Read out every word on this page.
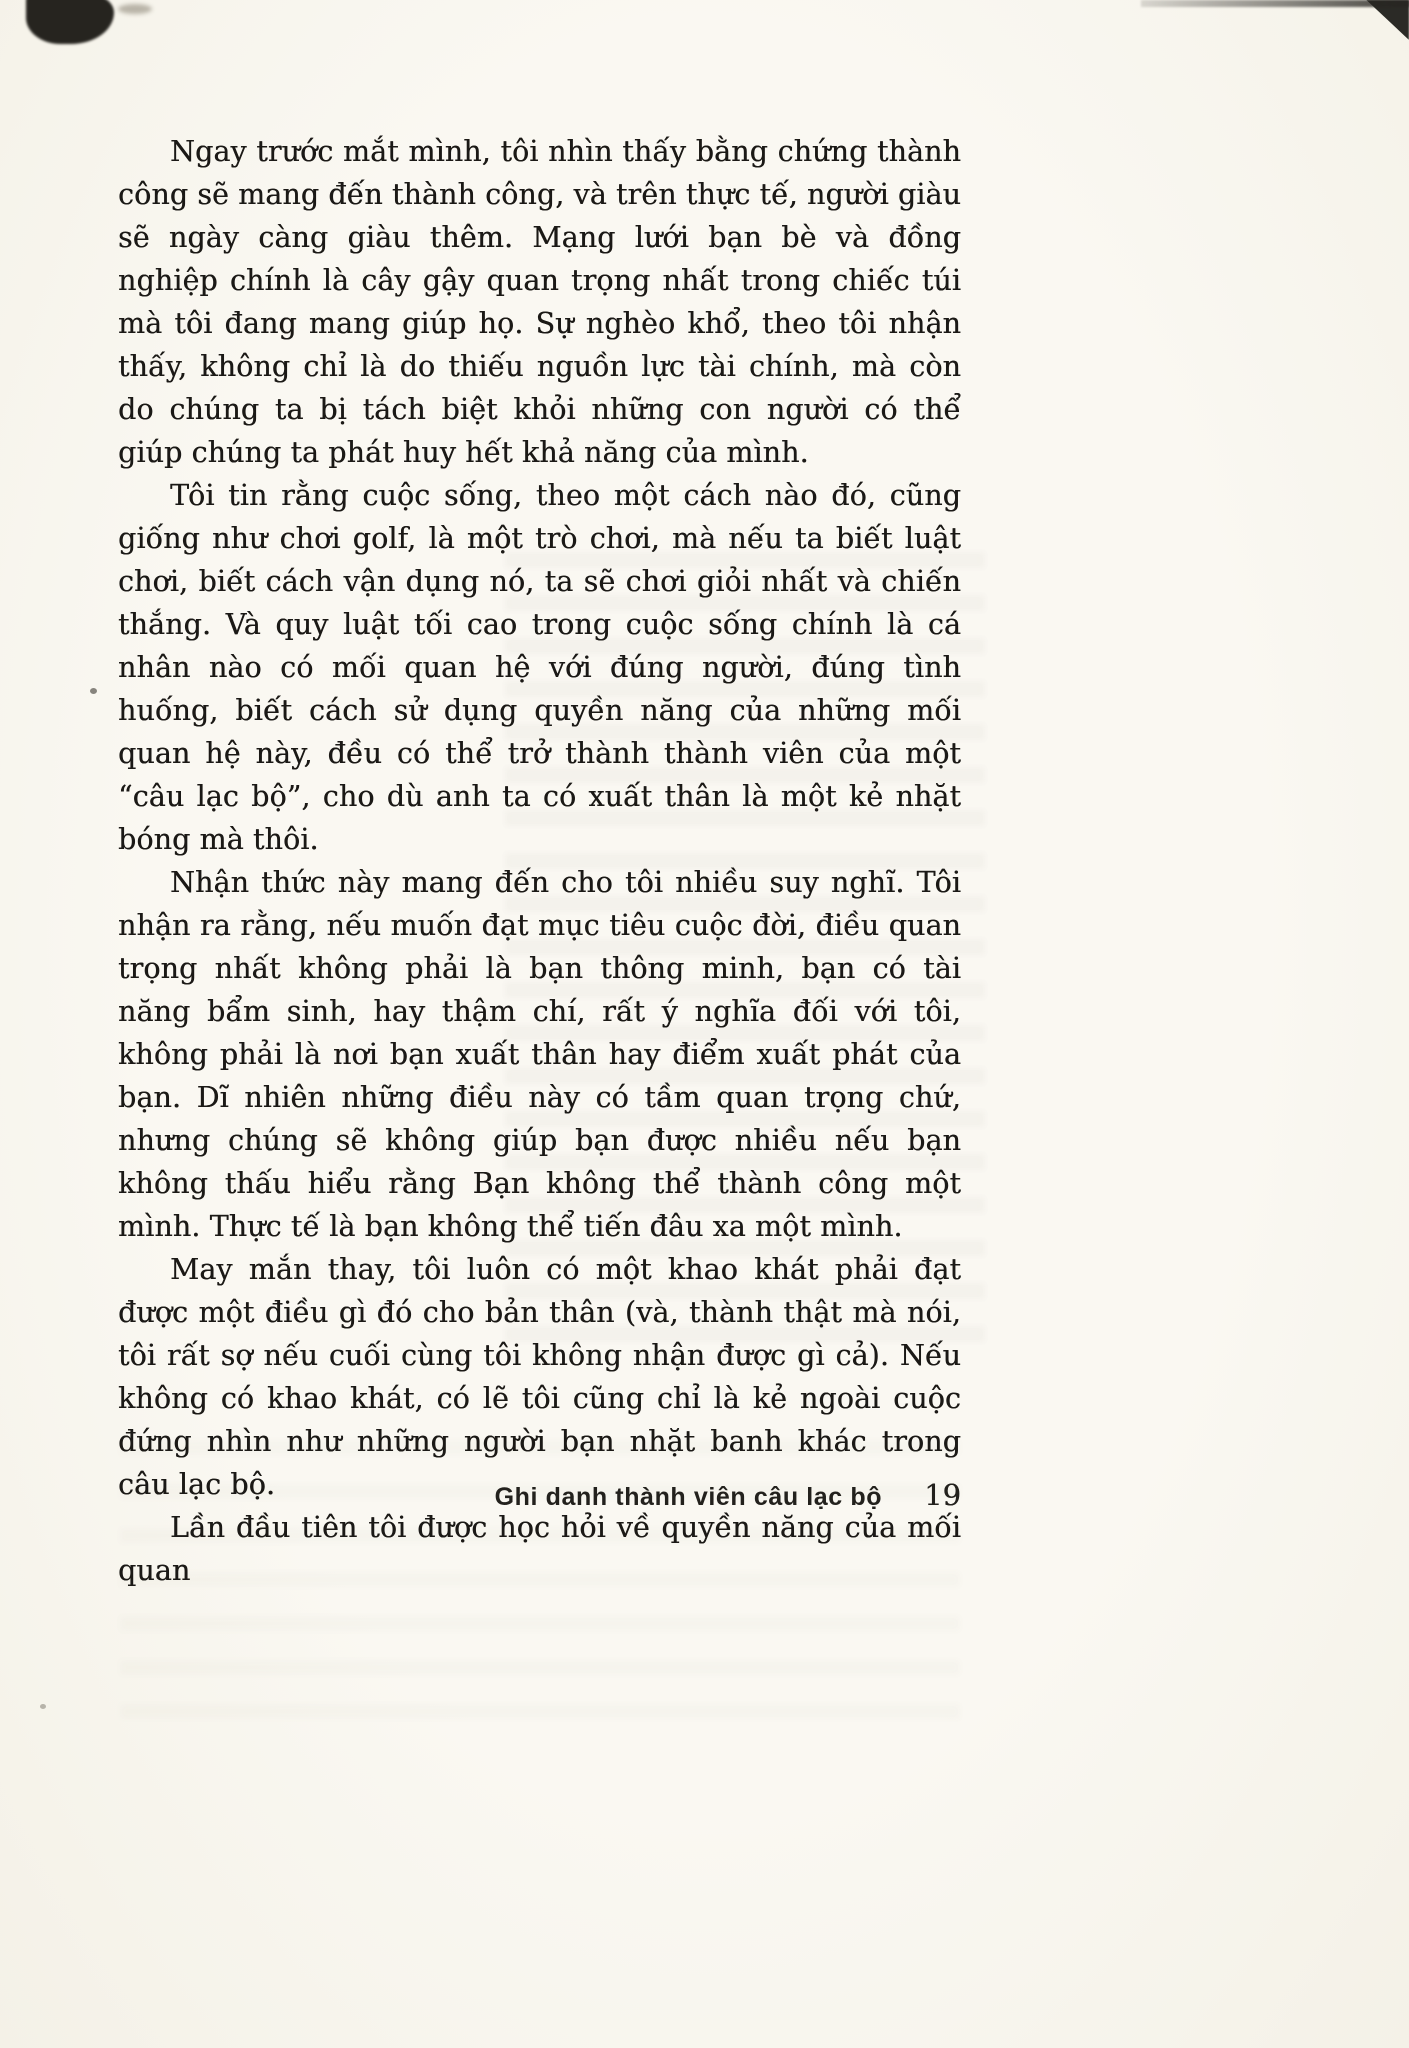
Ngay trước mắt mình, tôi nhìn thấy bằng chứng thành công sẽ mang đến thành công, và trên thực tế, người giàu sẽ ngày càng giàu thêm. Mạng lưới bạn bè và đồng nghiệp chính là cây gậy quan trọng nhất trong chiếc túi mà tôi đang mang giúp họ. Sự nghèo khổ, theo tôi nhận thấy, không chỉ là do thiếu nguồn lực tài chính, mà còn do chúng ta bị tách biệt khỏi những con người có thể giúp chúng ta phát huy hết khả năng của mình.

Tôi tin rằng cuộc sống, theo một cách nào đó, cũng giống như chơi golf, là một trò chơi, mà nếu ta biết luật chơi, biết cách vận dụng nó, ta sẽ chơi giỏi nhất và chiến thắng. Và quy luật tối cao trong cuộc sống chính là cá nhân nào có mối quan hệ với đúng người, đúng tình huống, biết cách sử dụng quyền năng của những mối quan hệ này, đều có thể trở thành thành viên của một “câu lạc bộ”, cho dù anh ta có xuất thân là một kẻ nhặt bóng mà thôi.

Nhận thức này mang đến cho tôi nhiều suy nghĩ. Tôi nhận ra rằng, nếu muốn đạt mục tiêu cuộc đời, điều quan trọng nhất không phải là bạn thông minh, bạn có tài năng bẩm sinh, hay thậm chí, rất ý nghĩa đối với tôi, không phải là nơi bạn xuất thân hay điểm xuất phát của bạn. Dĩ nhiên những điều này có tầm quan trọng chứ, nhưng chúng sẽ không giúp bạn được nhiều nếu bạn không thấu hiểu rằng Bạn không thể thành công một mình. Thực tế là bạn không thể tiến đâu xa một mình.

May mắn thay, tôi luôn có một khao khát phải đạt được một điều gì đó cho bản thân (và, thành thật mà nói, tôi rất sợ nếu cuối cùng tôi không nhận được gì cả). Nếu không có khao khát, có lẽ tôi cũng chỉ là kẻ ngoài cuộc đứng nhìn như những người bạn nhặt banh khác trong câu lạc bộ.

Lần đầu tiên tôi được học hỏi về quyền năng của mối quan

Ghi danh thành viên câu lạc bộ 19
